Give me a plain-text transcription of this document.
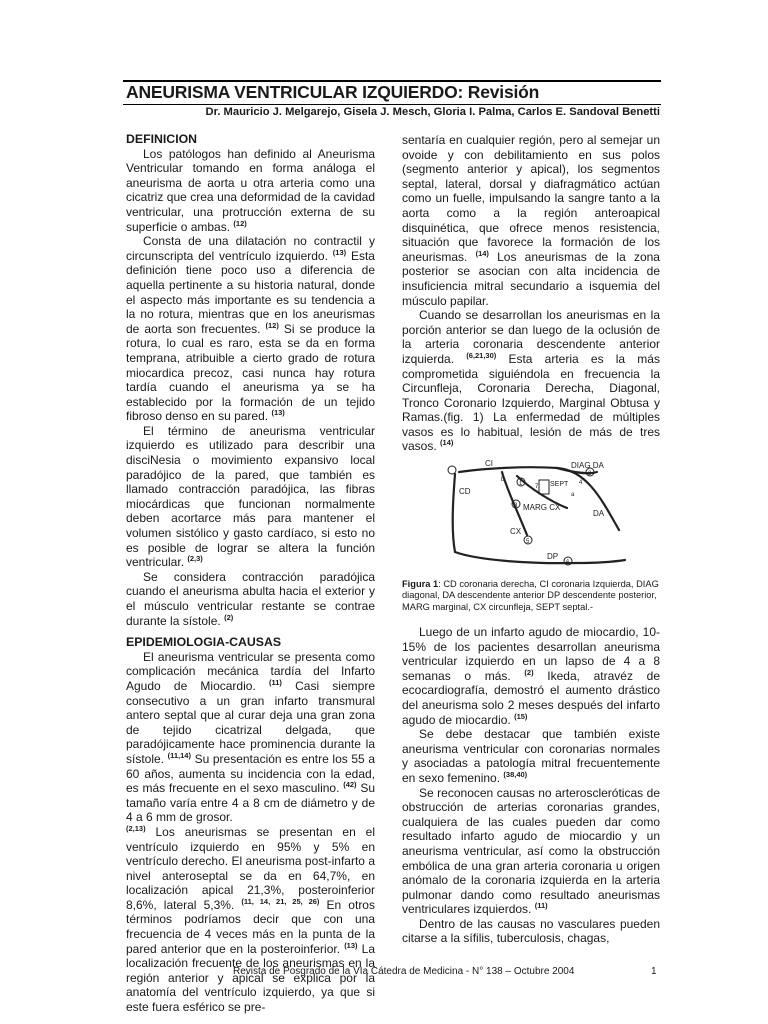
ANEURISMA VENTRICULAR IZQUIERDO: Revisión
Dr. Mauricio J. Melgarejo, Gisela J. Mesch, Gloria I. Palma, Carlos E. Sandoval Benetti
DEFINICION

Los patólogos han definido al Aneurisma Ventricular tomando en forma análoga el aneurisma de aorta u otra arteria como una cicatriz que crea una deformidad de la cavidad ventricular, una protrucción externa de su superficie o ambas. $^{(12)}$

Consta de una dilatación no contractil y circunscripta del ventrículo izquierdo. $^{(13)}$ Esta definición tiene poco uso a diferencia de aquella pertinente a su historia natural, donde el aspecto más importante es su tendencia a la no rotura, mientras que en los aneurismas de aorta son frecuentes. $^{(12)}$ Si se produce la rotura, lo cual es raro, esta se da en forma temprana, atribuible a cierto grado de rotura miocardica precoz, casi nunca hay rotura tardía cuando el aneurisma ya se ha establecido por la formación de un tejido fibroso denso en su pared. $^{(13)}$

El término de aneurisma ventricular izquierdo es utilizado para describir una disciNesia o movimiento expansivo local paradójico de la pared, que también es llamado contracción paradójica, las fibras miocárdicas que funcionan normalmente deben acortarce más para mantener el volumen sistólico y gasto cardíaco, si esto no es posible de lograr se altera la función ventricular. $^{(2,3)}$

Se considera contracción paradójica cuando el aneurisma abulta hacia el exterior y el músculo ventricular restante se contrae durante la sístole. $^{(2)}$

EPIDEMIOLOGIA-CAUSAS

El aneurisma ventricular se presenta como complicación mecánica tardía del Infarto Agudo de Miocardio. $^{(11)}$ Casi siempre consecutivo a un gran infarto transmural antero septal que al curar deja una gran zona de tejido cicatrizal delgada, que paradójicamente hace prominencia durante la sístole. $^{(11,14)}$ Su presentación es entre los 55 a 60 años, aumenta su incidencia con la edad, es más frecuente en el sexo masculino. $^{(42)}$ Su tamaño varía entre 4 a 8 cm de diámetro y de 4 a 6 mm de grosor.

$^{(2,13)}$ Los aneurismas se presentan en el ventrículo izquierdo en 95% y 5% en ventrículo derecho. El aneurisma post-infarto a nivel anteroseptal se da en 64,7%, en localización apical 21,3%, posteroinferior 8,6%, lateral 5,3%. $^{(11, 14, 21, 25, 26)}$ En otros términos podríamos decir que con una frecuencia de 4 veces más en la punta de la pared anterior que en la posteroinferior. $^{(13)}$ La localización frecuente de los aneurismas en la región anterior y apical se explica por la anatomía del ventrículo izquierdo, ya que si este fuera esférico se pre-

sentaría en cualquier región, pero al semejar un ovoide y con debilitamiento en sus polos (segmento anterior y apical), los segmentos septal, lateral, dorsal y diafragmático actúan como un fuelle, impulsando la sangre tanto a la aorta como a la región anteroapical disquinética, que ofrece menos resistencia, situación que favorece la formación de los aneurismas. $^{(14)}$ Los aneurismas de la zona posterior se asocian con alta incidencia de insuficiencia mitral secundario a isquemia del músculo papilar.

Cuando se desarrollan los aneurismas en la porción anterior se dan luego de la oclusión de la arteria coronaria descendente anterior izquierda. $^{(6,21,30)}$ Esta arteria es la más comprometida siguiéndola en frecuencia la Circunfleja, Coronaria Derecha, Diagonal, Tronco Coronario Izquierdo, Marginal Obtusa y Ramas.(fig. 1) La enfermedad de múltiples vasos es lo habitual, lesión de más de tres vasos. $^{(14)}$

CI	DIAG DA
SEPT
CD
MARG CX
DA
CX
DP
b
1
2
3
4
5
6
7
a
Figura 1: CD coronaria derecha, CI coronaria Izquierda, DIAG diagonal, DA descendente anterior DP descendente posterior, MARG marginal, CX circunfleja, SEPT septal.-

Luego de un infarto agudo de miocardio, 10-15% de los pacientes desarrollan aneurisma ventricular izquierdo en un lapso de 4 a 8 semanas o más. $^{(2)}$ Ikeda, atravéz de ecocardiografía, demostró el aumento drástico del aneurisma solo 2 meses después del infarto agudo de miocardio. $^{(15)}$

Se debe destacar que también existe aneurisma ventricular con coronarias normales y asociadas a patología mitral frecuentemente en sexo femenino. $^{(38,40)}$

Se reconocen causas no arteroscleróticas de obstrucción de arterias coronarias grandes, cualquiera de las cuales pueden dar como resultado infarto agudo de miocardio y un aneurisma ventricular, así como la obstrucción embólica de una gran arteria coronaria u origen anómalo de la coronaria izquierda en la arteria pulmonar dando como resultado aneurismas ventriculares izquierdos. $^{(11)}$

Dentro de las causas no vasculares pueden citarse a la sífilis, tuberculosis, chagas,

Revista de Posgrado de la VIa Cátedra de Medicina - N° 138 – Octubre 2004	1
